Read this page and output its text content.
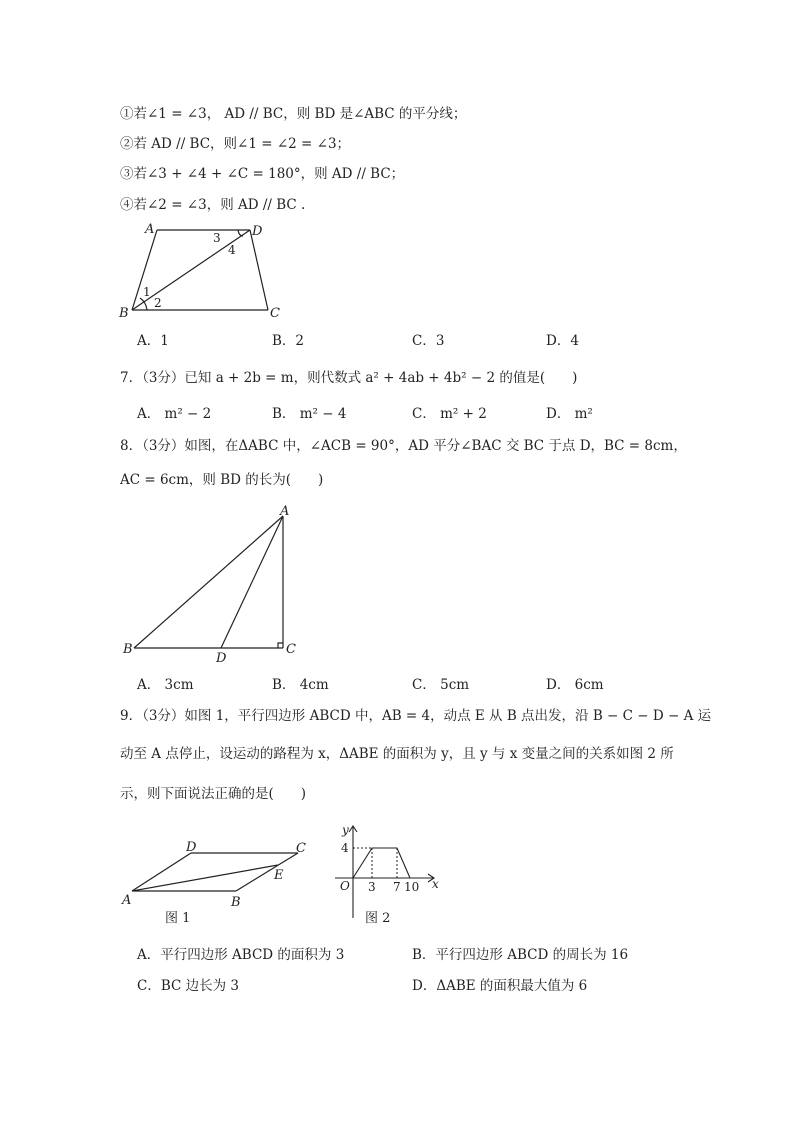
①若∠1 = ∠3， AD // BC，则 BD 是∠ABC 的平分线；
②若 AD // BC，则∠1 = ∠2 = ∠3；
③若∠3 + ∠4 + ∠C = 180°，则 AD // BC；
④若∠2 = ∠3，则 AD // BC .
A	D
B	C
1
2
3
4
A．1	B．2	C．3	D．4
7．（3分）已知 a + 2b = m，则代数式 a² + 4ab + 4b² − 2 的值是(　　)
A． m² − 2	B． m² − 4	C． m² + 2	D． m²
8．（3分）如图，在ΔABC 中，∠ACB = 90°，AD 平分∠BAC 交 BC 于点 D，BC = 8cm，
AC = 6cm，则 BD 的长为(　　)
A
B	C
D
A． 3cm	B． 4cm	C． 5cm	D． 6cm
9．（3分）如图 1，平行四边形 ABCD 中，AB = 4，动点 E 从 B 点出发，沿 B − C − D − A 运
动至 A 点停止，设运动的路程为 x，ΔABE 的面积为 y，且 y 与 x 变量之间的关系如图 2 所
示，则下面说法正确的是(　　)
D	C
A	B
E
图 1
y
x
O
4
3 7 10
图 2
A．平行四边形 ABCD 的面积为 3	B．平行四边形 ABCD 的周长为 16
C．BC 边长为 3	D．ΔABE 的面积最大值为 6
